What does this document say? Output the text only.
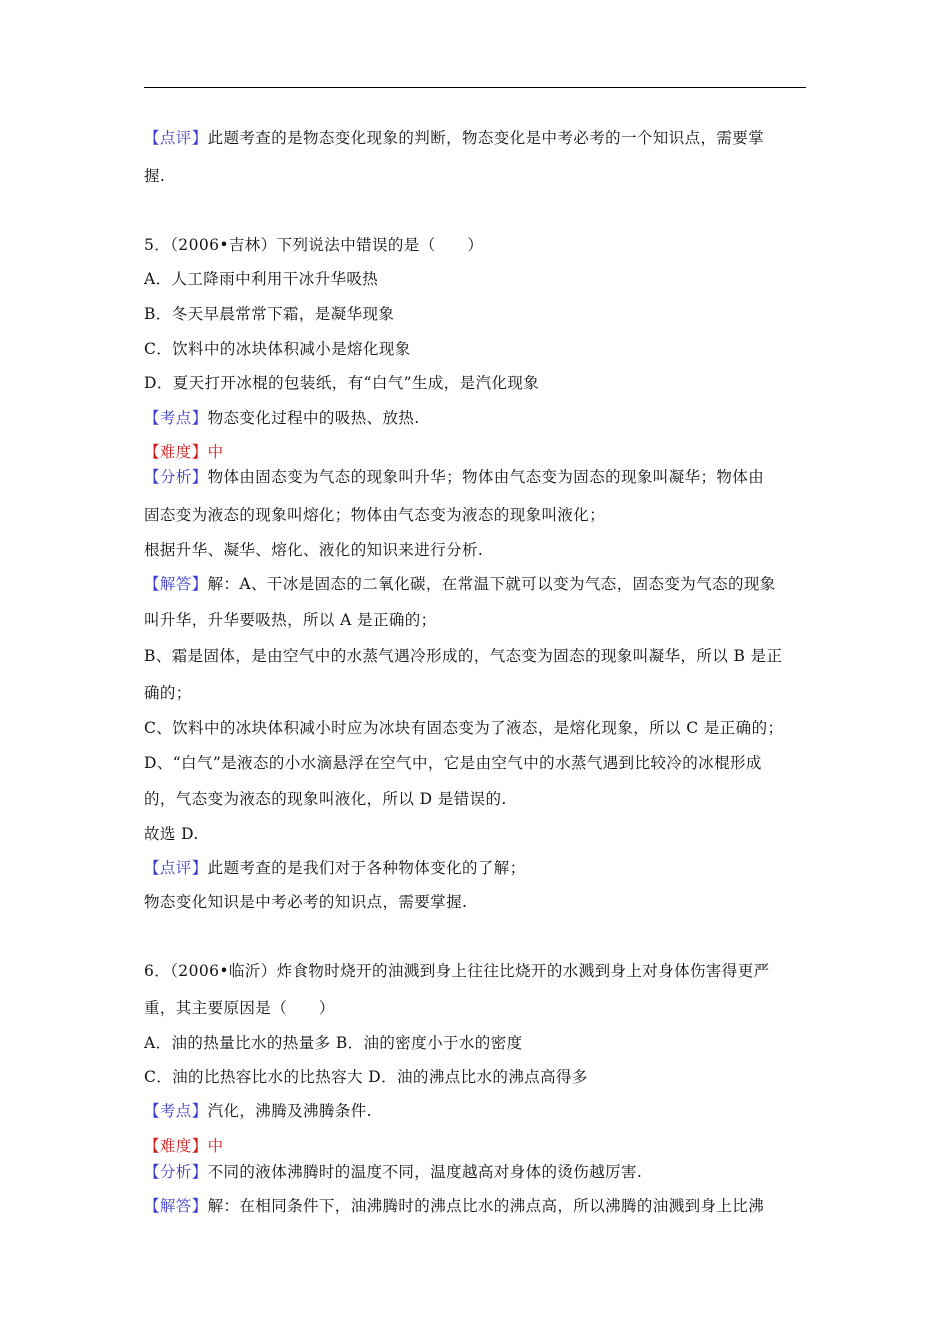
【点评】此题考查的是物态变化现象的判断，物态变化是中考必考的一个知识点，需要掌
握.
5．（2006•吉林）下列说法中错误的是（　　）
A．人工降雨中利用干冰升华吸热
B．冬天早晨常常下霜，是凝华现象
C．饮料中的冰块体积减小是熔化现象
D．夏天打开冰棍的包装纸，有“白气”生成，是汽化现象
【考点】物态变化过程中的吸热、放热.
【难度】中
【分析】物体由固态变为气态的现象叫升华；物体由气态变为固态的现象叫凝华；物体由
固态变为液态的现象叫熔化；物体由气态变为液态的现象叫液化；
根据升华、凝华、熔化、液化的知识来进行分析.
【解答】解：A、干冰是固态的二氧化碳，在常温下就可以变为气态，固态变为气态的现象
叫升华，升华要吸热，所以 A 是正确的；
B、霜是固体，是由空气中的水蒸气遇冷形成的，气态变为固态的现象叫凝华，所以 B 是正
确的；
C、饮料中的冰块体积减小时应为冰块有固态变为了液态，是熔化现象，所以 C 是正确的；
D、“白气”是液态的小水滴悬浮在空气中，它是由空气中的水蒸气遇到比较冷的冰棍形成
的，气态变为液态的现象叫液化，所以 D 是错误的.
故选 D.
【点评】此题考查的是我们对于各种物体变化的了解；
物态变化知识是中考必考的知识点，需要掌握.
6．（2006•临沂）炸食物时烧开的油溅到身上往往比烧开的水溅到身上对身体伤害得更严
重，其主要原因是（　　）
A．油的热量比水的热量多 B．油的密度小于水的密度
C．油的比热容比水的比热容大 D．油的沸点比水的沸点高得多
【考点】汽化，沸腾及沸腾条件.
【难度】中
【分析】不同的液体沸腾时的温度不同，温度越高对身体的烫伤越厉害.
【解答】解：在相同条件下，油沸腾时的沸点比水的沸点高，所以沸腾的油溅到身上比沸
